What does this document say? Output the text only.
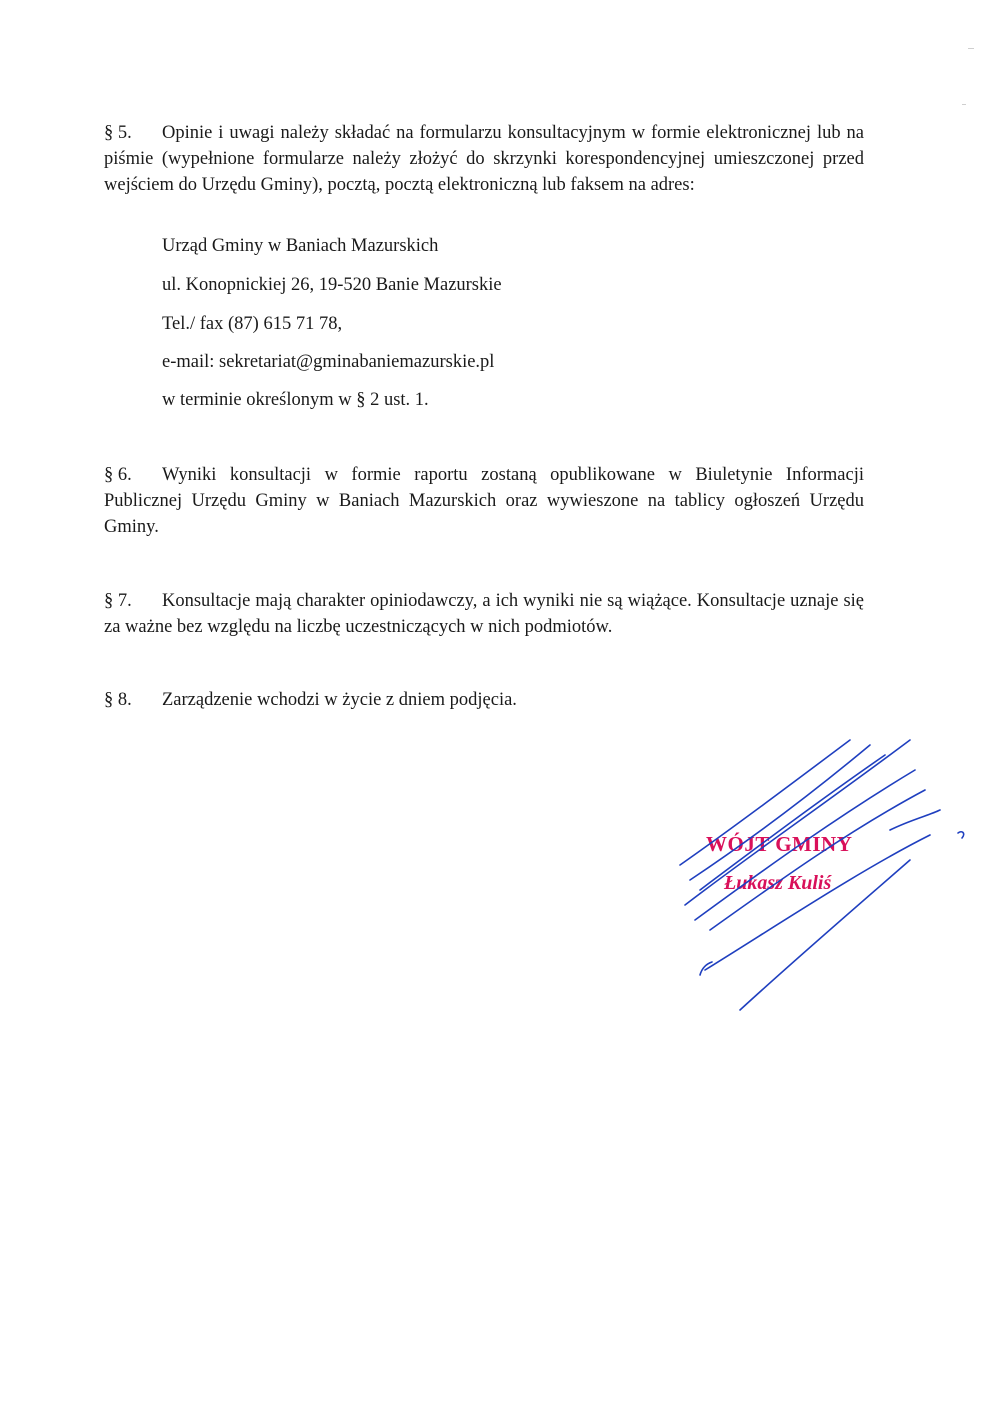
§ 5. Opinie i uwagi należy składać na formularzu konsultacyjnym w formie elektronicznej lub na piśmie (wypełnione formularze należy złożyć do skrzynki korespondencyjnej umieszczonej przed wejściem do Urzędu Gminy), pocztą, pocztą elektroniczną lub faksem na adres:

Urząd Gminy w Baniach Mazurskich
ul. Konopnickiej 26, 19-520 Banie Mazurskie
Tel./ fax (87) 615 71 78,
e-mail: sekretariat@gminabaniemazurskie.pl
w terminie określonym w § 2 ust. 1.

§ 6. Wyniki konsultacji w formie raportu zostaną opublikowane w Biuletynie Informacji Publicznej Urzędu Gminy w Baniach Mazurskich oraz wywieszone na tablicy ogłoszeń Urzędu Gminy.

§ 7. Konsultacje mają charakter opiniodawczy, a ich wyniki nie są wiążące. Konsultacje uznaje się za ważne bez względu na liczbę uczestniczących w nich podmiotów.

§ 8. Zarządzenie wchodzi w życie z dniem podjęcia.

WÓJT GMINY
Łukasz Kuliś
